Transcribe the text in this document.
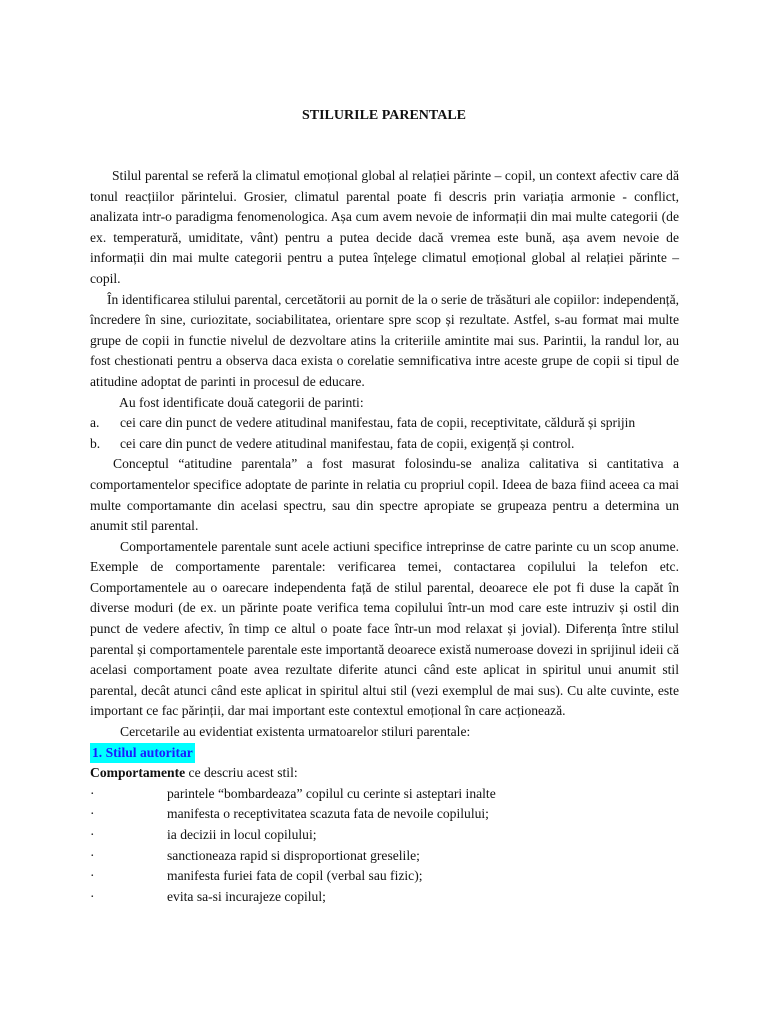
STILURILE PARENTALE

Stilul parental se referă la climatul emoțional global al relației părinte – copil, un context afectiv care dă tonul reacțiilor părintelui. Grosier, climatul parental poate fi descris prin variația armonie - conflict, analizata intr-o paradigma fenomenologica. Așa cum avem nevoie de informații din mai multe categorii (de ex. temperatură, umiditate, vânt) pentru a putea decide dacă vremea este bună, așa avem nevoie de informații din mai multe categorii pentru a putea înțelege climatul emoțional global al relației părinte – copil.

În identificarea stilului parental, cercetătorii au pornit de la o serie de trăsături ale copiilor: independență, încredere în sine, curiozitate, sociabilitatea, orientare spre scop și rezultate. Astfel, s-au format mai multe grupe de copii in functie nivelul de dezvoltare atins la criteriile amintite mai sus. Parintii, la randul lor, au fost chestionati pentru a observa daca exista o corelatie semnificativa intre aceste grupe de copii si tipul de atitudine adoptat de parinti in procesul de educare.

Au fost identificate două categorii de parinti:

a.	cei care din punct de vedere atitudinal manifestau, fata de copii, receptivitate, căldură și sprijin
b.	cei care din punct de vedere atitudinal manifestau, fata de copii, exigență și control.

Conceptul “atitudine parentala” a fost masurat folosindu-se analiza calitativa si cantitativa a comportamentelor specifice adoptate de parinte in relatia cu propriul copil. Ideea de baza fiind aceea ca mai multe comportamante din acelasi spectru, sau din spectre apropiate se grupeaza pentru a determina un anumit stil parental.

Comportamentele parentale sunt acele actiuni specifice intreprinse de catre parinte cu un scop anume. Exemple de comportamente parentale: verificarea temei, contactarea copilului la telefon etc. Comportamentele au o oarecare independenta față de stilul parental, deoarece ele pot fi duse la capăt în diverse moduri (de ex. un părinte poate verifica tema copilului într-un mod care este intruziv și ostil din punct de vedere afectiv, în timp ce altul o poate face într-un mod relaxat și jovial). Diferența între stilul parental și comportamentele parentale este importantă deoarece există numeroase dovezi in sprijinul ideii că acelasi comportament poate avea rezultate diferite atunci când este aplicat in spiritul unui anumit stil parental, decât atunci când este aplicat in spiritul altui stil (vezi exemplul de mai sus). Cu alte cuvinte, este important ce fac părinții, dar mai important este contextul emoțional în care acționează.

Cercetarile au evidentiat existenta urmatoarelor stiluri parentale:

1. Stilul autoritar

Comportamente ce descriu acest stil:

·	parintele “bombardeaza” copilul cu cerinte si asteptari inalte
·	manifesta o receptivitatea scazuta fata de nevoile copilului;
·	ia decizii in locul copilului;
·	sanctioneaza rapid si disproportionat greselile;
·	manifesta furiei fata de copil (verbal sau fizic);
·	evita sa-si incurajeze copilul;
